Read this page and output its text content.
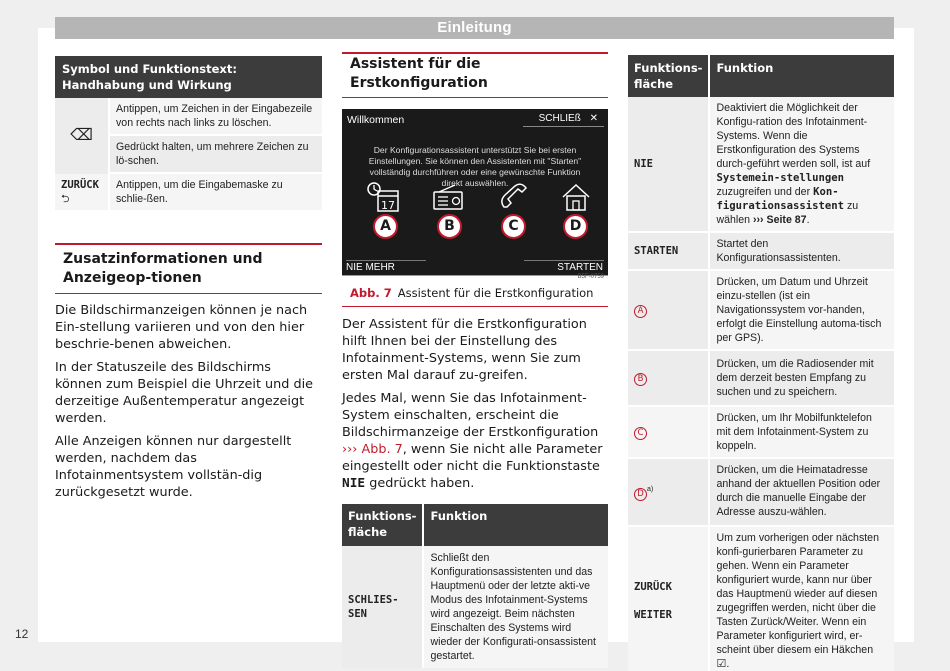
Einleitung
Symbol und Funktionstext: Handhabung und Wirkung	
⌫	Antippen, um Zeichen in der Eingabezeile von rechts nach links zu löschen.
	Gedrückt halten, um mehrere Zeichen zu lö-schen.
ZURÜCK
⮌	Antippen, um die Eingabemaske zu schlie-ßen.
Zusatzinformationen und Anzeigeop-tionen

Die Bildschirmanzeigen können je nach Ein-stellung variieren und von den hier beschrie-benen abweichen.

In der Statuszeile des Bildschirms können zum Beispiel die Uhrzeit und die derzeitige Außentemperatur angezeigt werden.

Alle Anzeigen können nur dargestellt werden, nachdem das Infotainmentsystem vollstän-dig zurückgesetzt wurde.

Assistent für die Erstkonfiguration
Willkommen	SCHLIEß ✕
Der Konfigurationsassistent unterstützt Sie bei ersten Einstellungen. Sie können den Assistenten mit "Starten" vollständig durchführen oder eine gewünschte Funktion direkt auswählen.
17
A	B	C	D
NIE MEHR	STARTEN
B5F-0759
Abb. 7 Assistent für die Erstkonfiguration

Der Assistent für die Erstkonfiguration hilft Ihnen bei der Einstellung des Infotainment-Systems, wenn Sie zum ersten Mal darauf zu-greifen.

Jedes Mal, wenn Sie das Infotainment-System einschalten, erscheint die Bildschirmanzeige der Erstkonfiguration ››› Abb. 7, wenn Sie nicht alle Parameter eingestellt oder nicht die Funktionstaste NIE gedrückt haben.

Funktions-fläche	Funktion
SCHLIES-SEN	Schließt den Konfigurationsassistenten und das Hauptmenü oder der letzte akti-ve Modus des Infotainment-Systems wird angezeigt. Beim nächsten Einschalten des Systems wird wieder der Konfigurati-onsassistent gestartet.
Funktions-fläche	Funktion
NIE	Deaktiviert die Möglichkeit der Konfigu-ration des Infotainment-Systems. Wenn die Erstkonfiguration des Systems durch-geführt werden soll, ist auf Systemein-stellungen zuzugreifen und der Kon-figurationsassistent zu wählen ››› Seite 87.
STARTEN	Startet den Konfigurationsassistenten.
A	Drücken, um Datum und Uhrzeit einzu-stellen (ist ein Navigationssystem vor-handen, erfolgt die Einstellung automa-tisch per GPS).
B	Drücken, um die Radiosender mit dem derzeit besten Empfang zu suchen und zu speichern.
C	Drücken, um Ihr Mobilfunktelefon mit dem Infotainment-System zu koppeln.
D $^{a)}$	Drücken, um die Heimatadresse anhand der aktuellen Position oder durch die manuelle Eingabe der Adresse auszu-wählen.
ZURÜCK
WEITER	Um zum vorherigen oder nächsten konfi-gurierbaren Parameter zu gehen. Wenn ein Parameter konfiguriert wurde, kann nur über das Hauptmenü wieder auf diesen zugegriffen werden, nicht über die Tasten Zurück/Weiter. Wenn ein Parameter konfiguriert wird, er-scheint über diesem ein Häkchen ☑.
12
